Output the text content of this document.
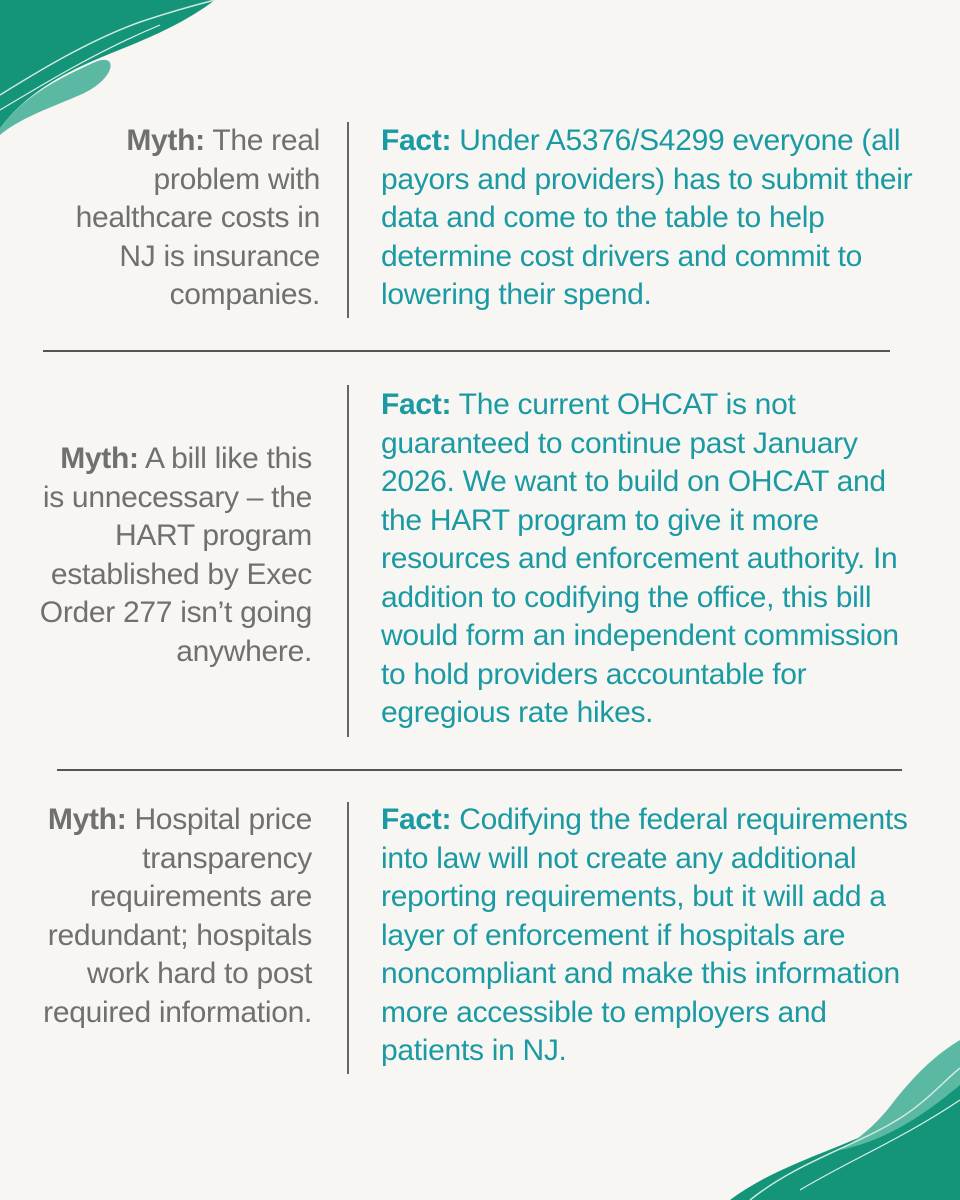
Myth: The real problem with healthcare costs in NJ is insurance companies.
Fact: Under A5376/S4299 everyone (all payors and providers) has to submit their data and come to the table to help determine cost drivers and commit to lowering their spend.
Myth: A bill like this is unnecessary – the HART program established by Exec Order 277 isn’t going anywhere.
Fact: The current OHCAT is not guaranteed to continue past January 2026. We want to build on OHCAT and the HART program to give it more resources and enforcement authority. In addition to codifying the office, this bill would form an independent commission to hold providers accountable for egregious rate hikes.
Myth: Hospital price transparency requirements are redundant; hospitals work hard to post required information.
Fact: Codifying the federal requirements into law will not create any additional reporting requirements, but it will add a layer of enforcement if hospitals are noncompliant and make this information more accessible to employers and patients in NJ.
